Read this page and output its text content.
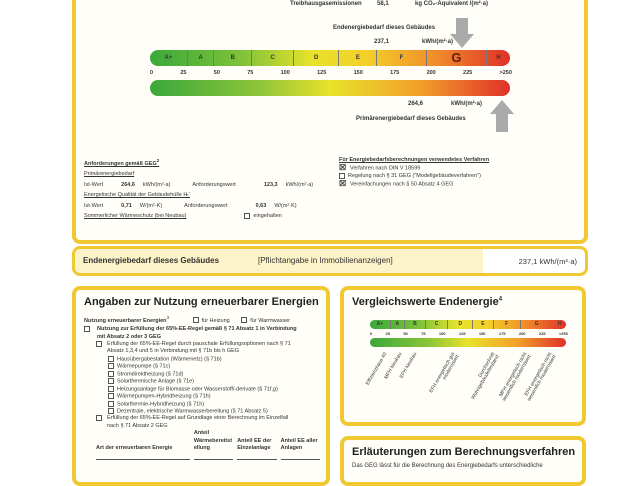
Treibhausgasemissionen	58,1	kg CO₂-Äquivalent /(m²·a)
Endenergiebedarf dieses Gebäudes
237,1	kWh/(m²·a)
A+	A	B	C	D	E	F	G	H
0	25	50	75	100	125	150	175	200	225	>250
264,6	kWh/(m²·a)
Primärenergiebedarf dieses Gebäudes
Anforderungen gemäß GEG$^2$
Primärenergiebedarf
Ist-Wert	264,6 kWh/(m²·a)	Anforderungswert	123,3 kWh/(m²·a)
Energetische Qualität der Gebäudehülle Hₜ'
Ist-Wert	0,71 W/(m²·K)	Anforderungswert	0,63 W/(m²·K)
Sommerlicher Wärmeschutz (bei Neubau)	eingehalten
Für Energiebedarfsberechnungen verwendetes Verfahren
☒ Verfahren nach DIN V 18599
Regelung nach § 31 GEG ("Modellgebäudeverfahren")
☒ Vereinfachungen nach § 50 Absatz 4 GEG
Endenergiebedarf dieses Gebäudes	[Pflichtangabe in Immobilienanzeigen]	237,1 kWh/(m²·a)
Angaben zur Nutzung erneuerbarer Energien
Nutzung erneuerbarer Energien$^3$ für Heizung	für Warmwasser
Nutzung zur Erfüllung der 65%-EE-Regel gemäß § 71 Absatz 1 in Verbindung mit Absatz 2 oder 3 GEG
Erfüllung der 65%-EE-Regel durch pauschale Erfüllungsoptionen nach § 71 Absatz 1,3,4 und 5 in Verbindung mit § 71b bis h GEG
Hausübergabestation (Wärmenetz) (§ 71b)
Wärmepumpe (§ 71c)
Stromdirektheizung (§ 71d)
Solarthermische Anlage (§ 71e)
Heizungsanlage für Biomasse oder Wasserstoff/-derivate (§ 71f,g)
Wärmepumpen-Hybridheizung (§ 71h)
Solarthermie-Hybridheizung (§ 71h)
Dezentrale, elektrische Warmwasserbereitung (§ 71 Absatz 5)
Erfüllung der 65%-EE-Regel auf Grundlage einer Berechnung im Einzelfall nach § 71 Absatz 2 GEG
Art der erneuerbaren Energie
Anteil Wärmebereitstellung
Anteil EE der Einzelanlage
Anteil EE aller Anlagen
Vergleichswerte Endenergie$^4$
A+	A	B	C	D	E	F	G	H
0	25	50	75	100	125	150	175	200	225	>250
Effizienzhaus 40
MFH Neubau
EFH Neubau	EFH energetisch gut modernisiert	Durchschnitt Wohngebäudebestand
MFH energetisch nicht wesentlich modernisiert
EFH energetisch nicht wesentlich modernisiert
Erläuterungen zum Berechnungsverfahren
Das GEG lässt für die Berechnung des Energiebedarfs unterschiedliche
